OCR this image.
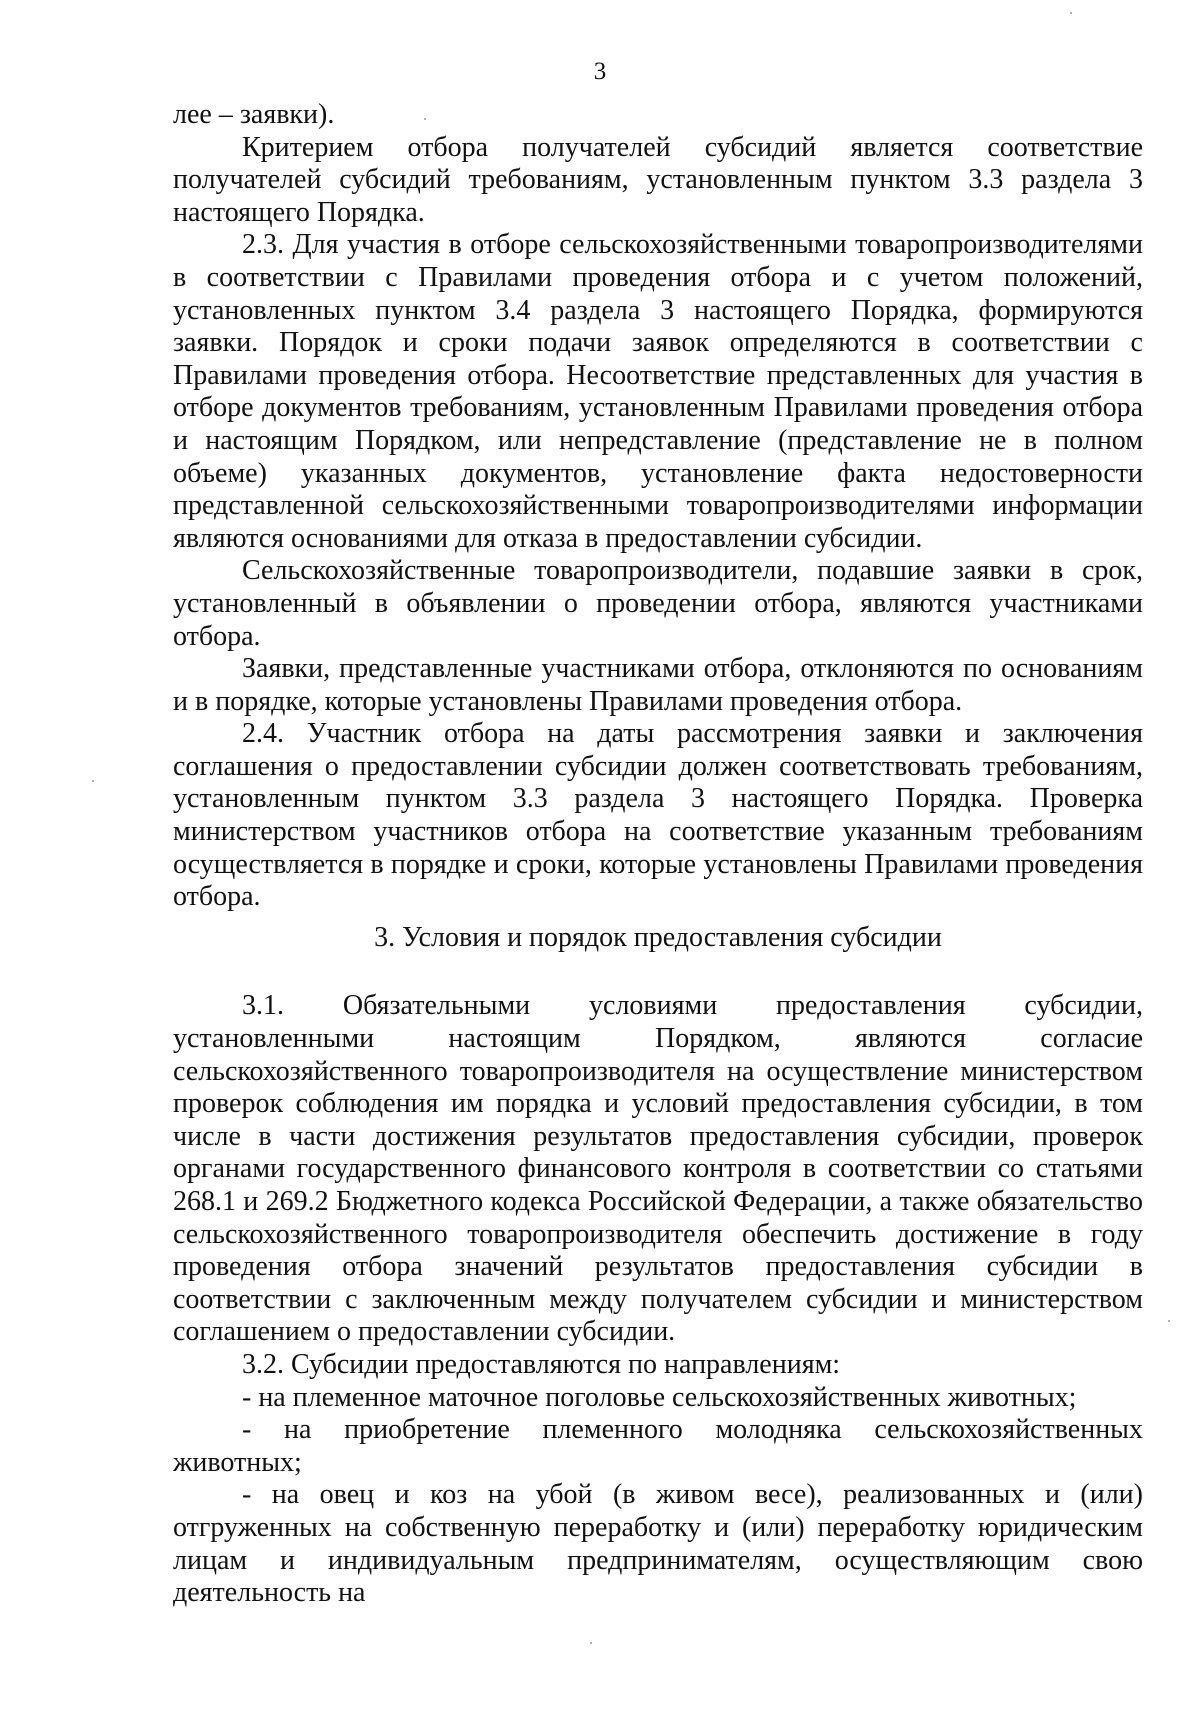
3

лее – заявки).

Критерием отбора получателей субсидий является соответствие получателей субсидий требованиям, установленным пунктом 3.3 раздела 3 настоящего Порядка.

2.3. Для участия в отборе сельскохозяйственными товаропроизводителями в соответствии с Правилами проведения отбора и с учетом положений, установленных пунктом 3.4 раздела 3 настоящего Порядка, формируются заявки. Порядок и сроки подачи заявок определяются в соответствии с Правилами проведения отбора. Несоответствие представленных для участия в отборе документов требованиям, установленным Правилами проведения отбора и настоящим Порядком, или непредставление (представление не в полном объеме) указанных документов, установление факта недостоверности представленной сельскохозяйственными товаропроизводителями информации являются основаниями для отказа в предоставлении субсидии.

Сельскохозяйственные товаропроизводители, подавшие заявки в срок, установленный в объявлении о проведении отбора, являются участниками отбора.

Заявки, представленные участниками отбора, отклоняются по основаниям и в порядке, которые установлены Правилами проведения отбора.

2.4. Участник отбора на даты рассмотрения заявки и заключения соглашения о предоставлении субсидии должен соответствовать требованиям, установленным пунктом 3.3 раздела 3 настоящего Порядка. Проверка министерством участников отбора на соответствие указанным требованиям осуществляется в порядке и сроки, которые установлены Правилами проведения отбора.

3. Условия и порядок предоставления субсидии

3.1. Обязательными условиями предоставления субсидии, установленными настоящим Порядком, являются согласие сельскохозяйственного товаропроизводителя на осуществление министерством проверок соблюдения им порядка и условий предоставления субсидии, в том числе в части достижения результатов предоставления субсидии, проверок органами государственного финансового контроля в соответствии со статьями 268.1 и 269.2 Бюджетного кодекса Российской Федерации, а также обязательство сельскохозяйственного товаропроизводителя обеспечить достижение в году проведения отбора значений результатов предоставления субсидии в соответствии с заключенным между получателем субсидии и министерством соглашением о предоставлении субсидии.

3.2. Субсидии предоставляются по направлениям:

- на племенное маточное поголовье сельскохозяйственных животных;

- на приобретение племенного молодняка сельскохозяйственных животных;

- на овец и коз на убой (в живом весе), реализованных и (или) отгруженных на собственную переработку и (или) переработку юридическим лицам и индивидуальным предпринимателям, осуществляющим свою деятельность на
